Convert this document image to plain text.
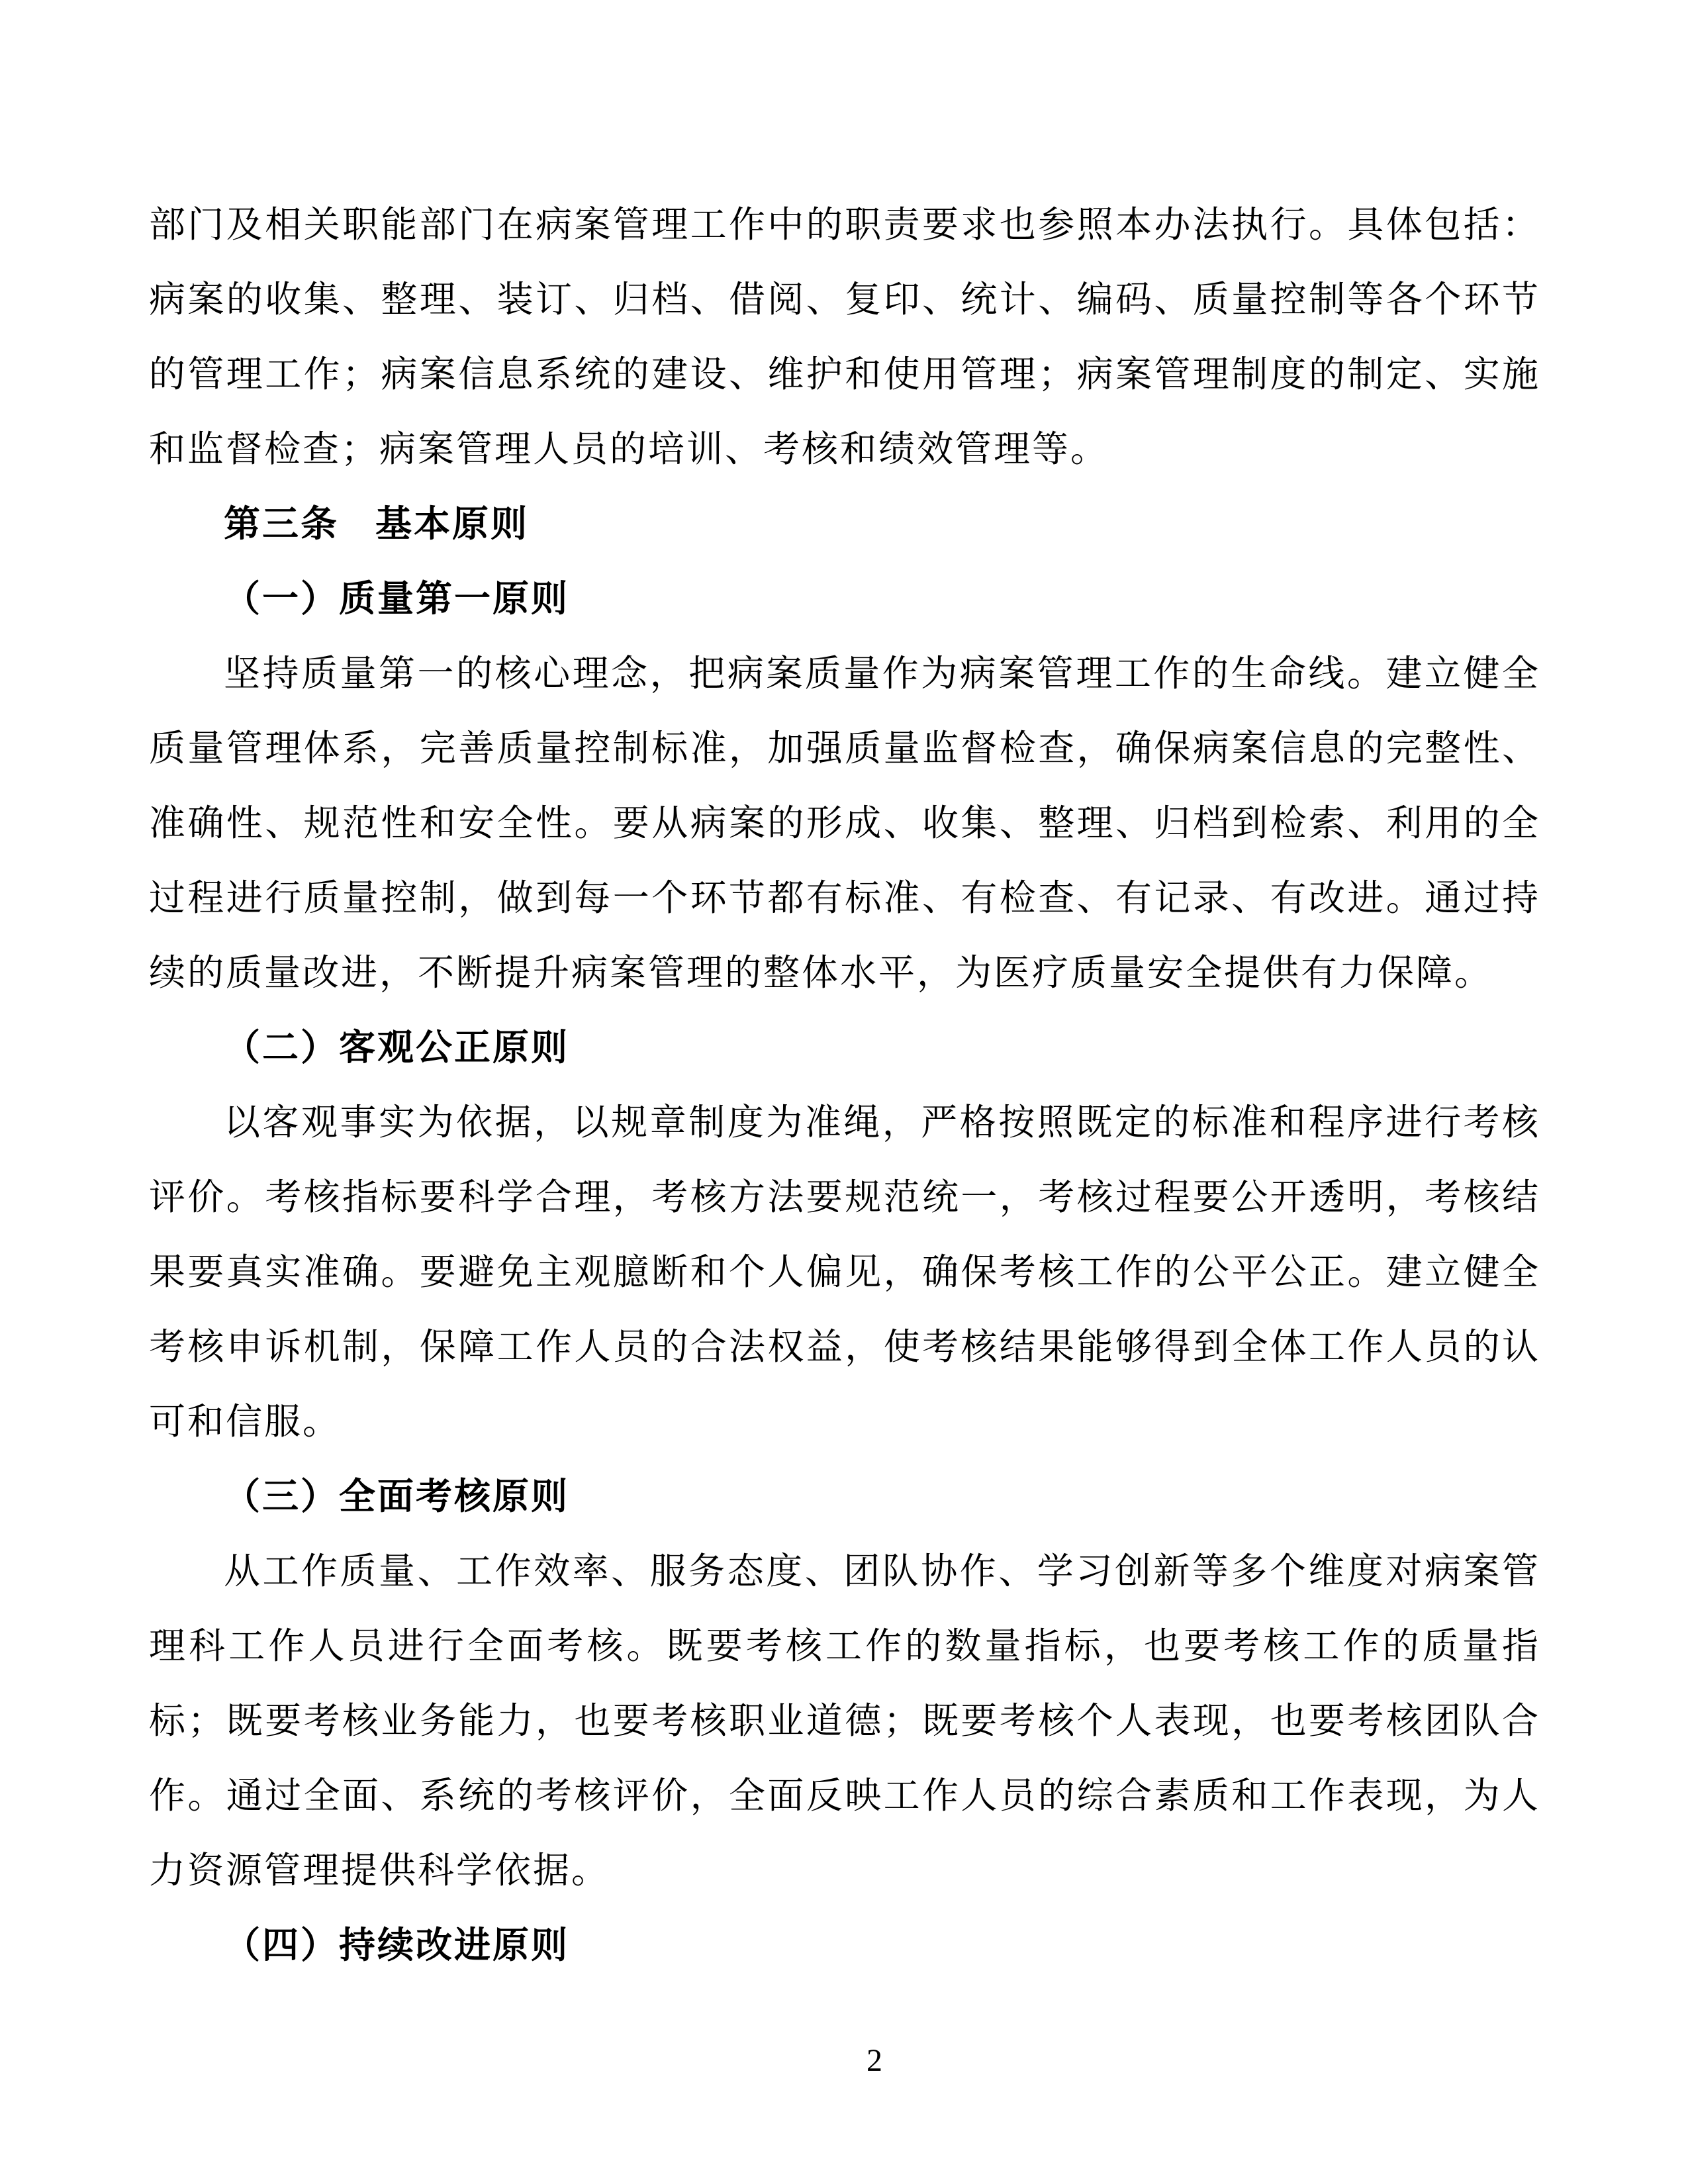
部门及相关职能部门在病案管理工作中的职责要求也参照本办法执行。具体包括：病案的收集、整理、装订、归档、借阅、复印、统计、编码、质量控制等各个环节的管理工作；病案信息系统的建设、维护和使用管理；病案管理制度的制定、实施和监督检查；病案管理人员的培训、考核和绩效管理等。

第三条 基本原则

（一）质量第一原则

坚持质量第一的核心理念，把病案质量作为病案管理工作的生命线。建立健全质量管理体系，完善质量控制标准，加强质量监督检查，确保病案信息的完整性、准确性、规范性和安全性。要从病案的形成、收集、整理、归档到检索、利用的全过程进行质量控制，做到每一个环节都有标准、有检查、有记录、有改进。通过持续的质量改进，不断提升病案管理的整体水平，为医疗质量安全提供有力保障。

（二）客观公正原则

以客观事实为依据，以规章制度为准绳，严格按照既定的标准和程序进行考核评价。考核指标要科学合理，考核方法要规范统一，考核过程要公开透明，考核结果要真实准确。要避免主观臆断和个人偏见，确保考核工作的公平公正。建立健全考核申诉机制，保障工作人员的合法权益，使考核结果能够得到全体工作人员的认可和信服。

（三）全面考核原则

从工作质量、工作效率、服务态度、团队协作、学习创新等多个维度对病案管理科工作人员进行全面考核。既要考核工作的数量指标，也要考核工作的质量指标；既要考核业务能力，也要考核职业道德；既要考核个人表现，也要考核团队合作。通过全面、系统的考核评价，全面反映工作人员的综合素质和工作表现，为人力资源管理提供科学依据。

（四）持续改进原则

2
